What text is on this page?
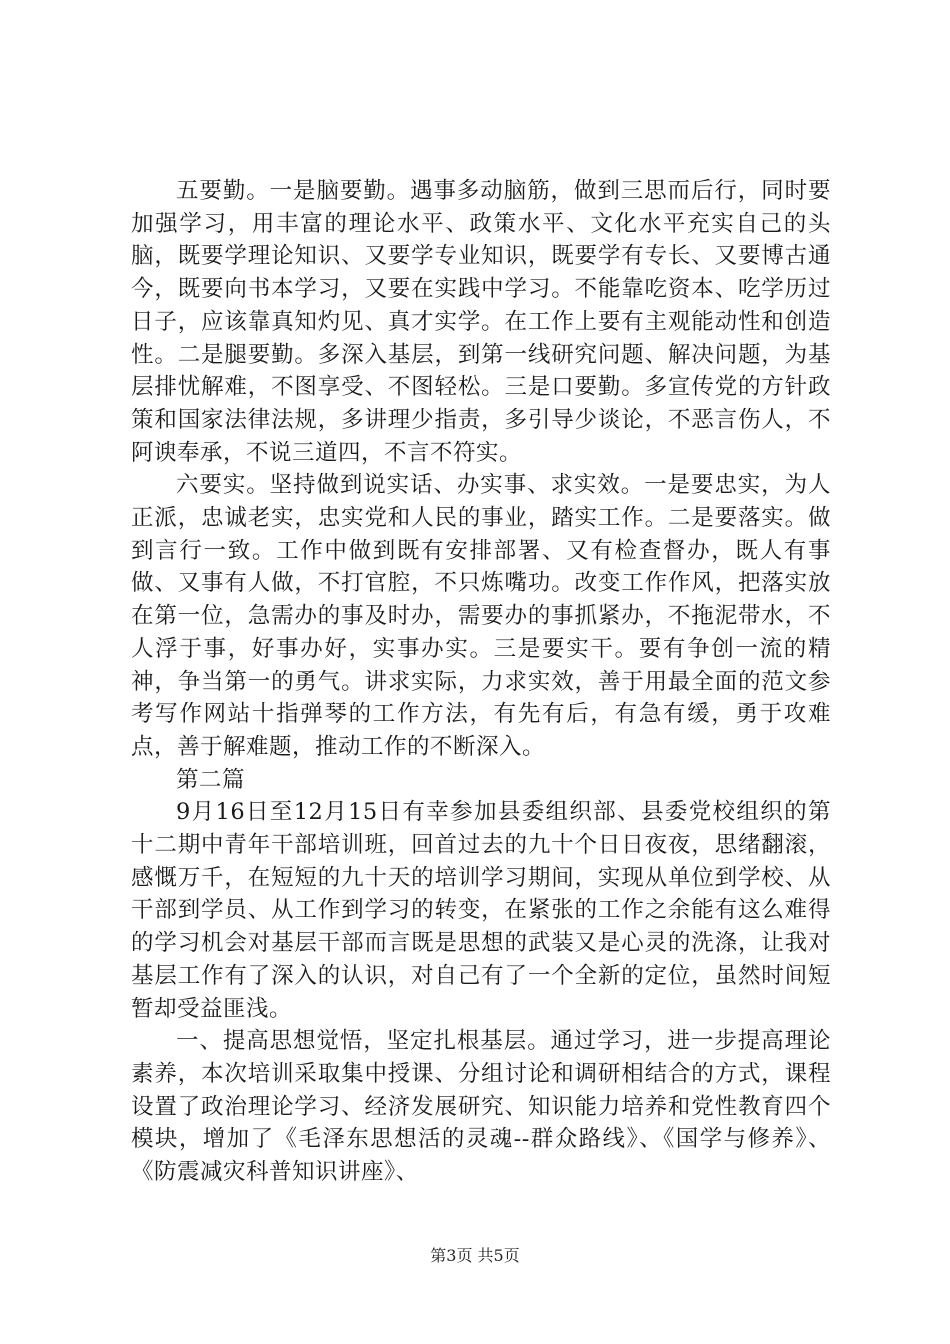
五要勤。一是脑要勤。遇事多动脑筋，做到三思而后行，同时要加强学习，用丰富的理论水平、政策水平、文化水平充实自己的头脑，既要学理论知识、又要学专业知识，既要学有专长、又要博古通今，既要向书本学习，又要在实践中学习。不能靠吃资本、吃学历过日子，应该靠真知灼见、真才实学。在工作上要有主观能动性和创造性。二是腿要勤。多深入基层，到第一线研究问题、解决问题，为基层排忧解难，不图享受、不图轻松。三是口要勤。多宣传党的方针政策和国家法律法规，多讲理少指责，多引导少谈论，不恶言伤人，不阿谀奉承，不说三道四，不言不符实。

六要实。坚持做到说实话、办实事、求实效。一是要忠实，为人正派，忠诚老实，忠实党和人民的事业，踏实工作。二是要落实。做到言行一致。工作中做到既有安排部署、又有检查督办，既人有事做、又事有人做，不打官腔，不只炼嘴功。改变工作作风，把落实放在第一位，急需办的事及时办，需要办的事抓紧办，不拖泥带水，不人浮于事，好事办好，实事办实。三是要实干。要有争创一流的精神，争当第一的勇气。讲求实际，力求实效，善于用最全面的范文参考写作网站十指弹琴的工作方法，有先有后，有急有缓，勇于攻难点，善于解难题，推动工作的不断深入。

第二篇

9月16日至12月15日有幸参加县委组织部、县委党校组织的第十二期中青年干部培训班，回首过去的九十个日日夜夜，思绪翻滚，感慨万千，在短短的九十天的培训学习期间，实现从单位到学校、从干部到学员、从工作到学习的转变，在紧张的工作之余能有这么难得的学习机会对基层干部而言既是思想的武装又是心灵的洗涤，让我对基层工作有了深入的认识，对自己有了一个全新的定位，虽然时间短暂却受益匪浅。

一、提高思想觉悟，坚定扎根基层。通过学习，进一步提高理论素养，本次培训采取集中授课、分组讨论和调研相结合的方式，课程设置了政治理论学习、经济发展研究、知识能力培养和党性教育四个模块，增加了《毛泽东思想活的灵魂--群众路线》、《国学与修养》、《防震减灾科普知识讲座》、

第3页 共5页
